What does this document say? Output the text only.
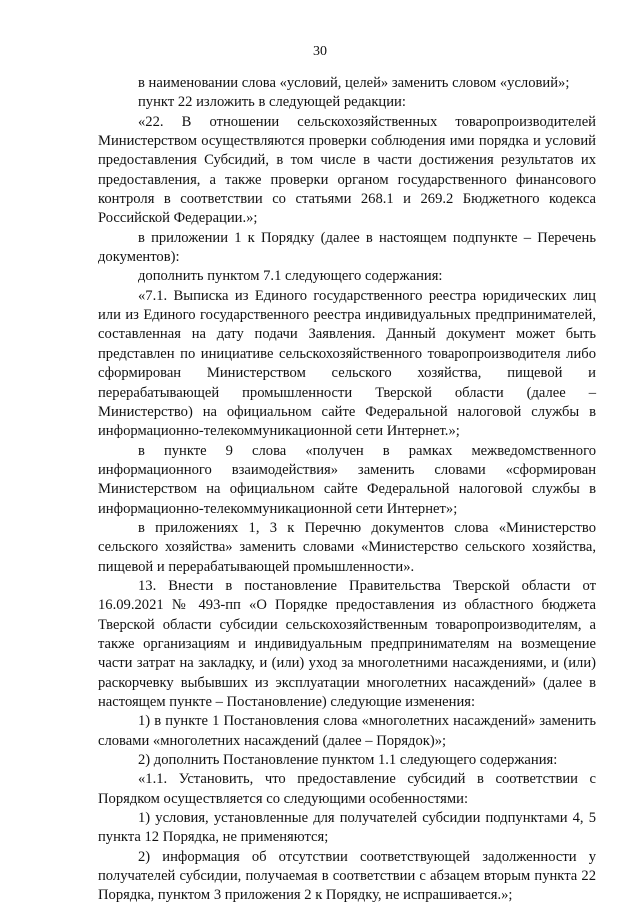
30

в наименовании слова «условий, целей» заменить словом «условий»;

пункт 22 изложить в следующей редакции:

«22. В отношении сельскохозяйственных товаропроизводителей Министерством осуществляются проверки соблюдения ими порядка и условий предоставления Субсидий, в том числе в части достижения результатов их предоставления, а также проверки органом государственного финансового контроля в соответствии со статьями 268.1 и 269.2 Бюджетного кодекса Российской Федерации.»;

в приложении 1 к Порядку (далее в настоящем подпункте – Перечень документов):

дополнить пунктом 7.1 следующего содержания:

«7.1. Выписка из Единого государственного реестра юридических лиц или из Единого государственного реестра индивидуальных предпринимателей, составленная на дату подачи Заявления. Данный документ может быть представлен по инициативе сельскохозяйственного товаропроизводителя либо сформирован Министерством сельского хозяйства, пищевой и перерабатывающей промышленности Тверской области (далее – Министерство) на официальном сайте Федеральной налоговой службы в информационно-телекоммуникационной сети Интернет.»;

в пункте 9 слова «получен в рамках межведомственного информационного взаимодействия» заменить словами «сформирован Министерством на официальном сайте Федеральной налоговой службы в информационно-телекоммуникационной сети Интернет»;

в приложениях 1, 3 к Перечню документов слова «Министерство сельского хозяйства» заменить словами «Министерство сельского хозяйства, пищевой и перерабатывающей промышленности».

13. Внести в постановление Правительства Тверской области от 16.09.2021 № 493-пп «О Порядке предоставления из областного бюджета Тверской области субсидии сельскохозяйственным товаропроизводителям, а также организациям и индивидуальным предпринимателям на возмещение части затрат на закладку, и (или) уход за многолетними насаждениями, и (или) раскорчевку выбывших из эксплуатации многолетних насаждений» (далее в настоящем пункте – Постановление) следующие изменения:

1) в пункте 1 Постановления слова «многолетних насаждений» заменить словами «многолетних насаждений (далее – Порядок)»;

2) дополнить Постановление пунктом 1.1 следующего содержания:

«1.1. Установить, что предоставление субсидий в соответствии с Порядком осуществляется со следующими особенностями:

1) условия, установленные для получателей субсидии подпунктами 4, 5 пункта 12 Порядка, не применяются;

2) информация об отсутствии соответствующей задолженности у получателей субсидии, получаемая в соответствии с абзацем вторым пункта 22 Порядка, пунктом 3 приложения 2 к Порядку, не испрашивается.»;
